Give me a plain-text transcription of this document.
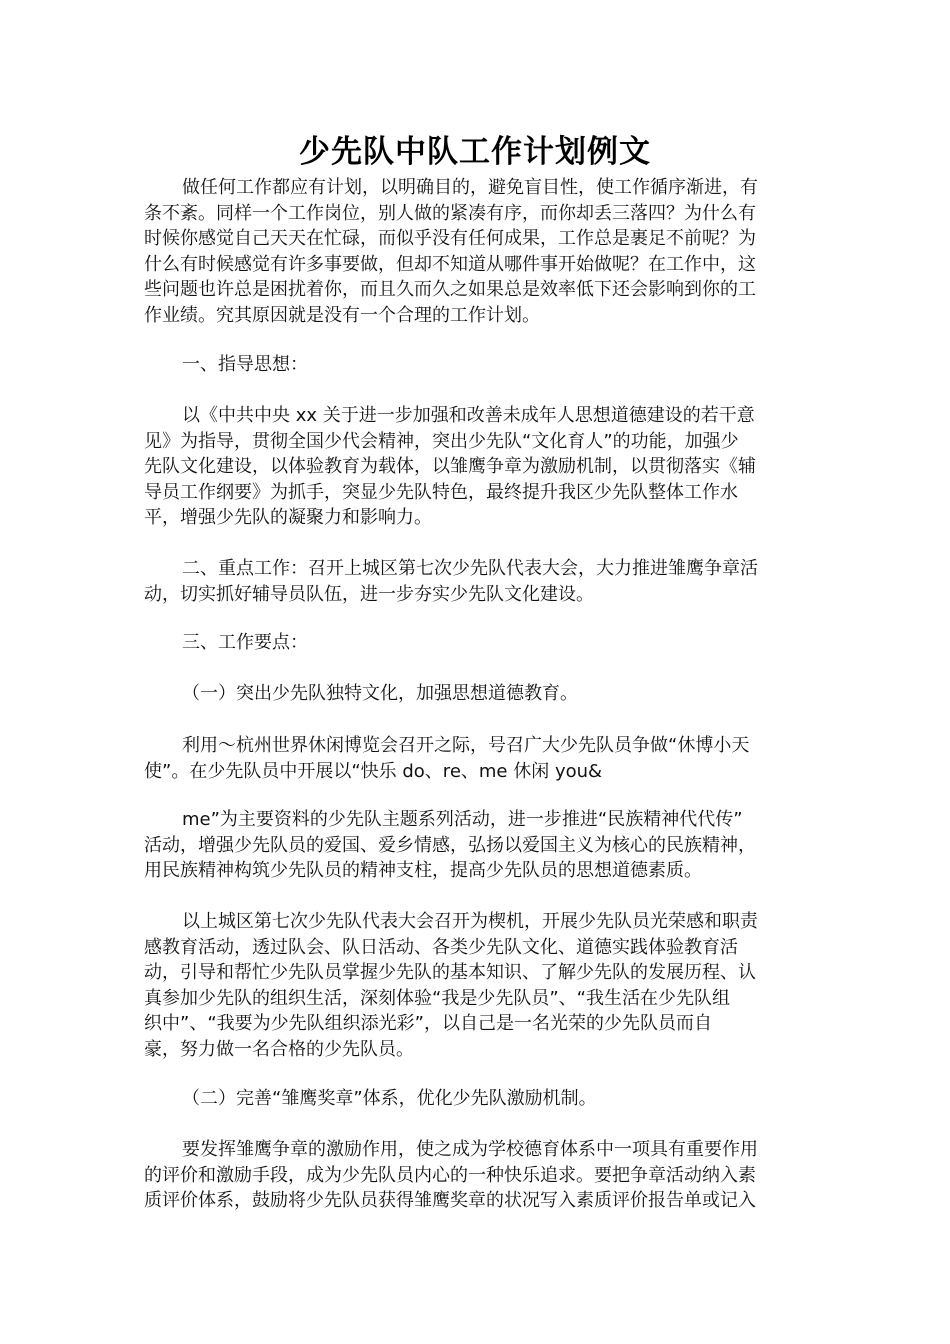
少先队中队工作计划例文
做任何工作都应有计划，以明确目的，避免盲目性，使工作循序渐进，有
条不紊。同样一个工作岗位，别人做的紧凑有序，而你却丢三落四？为什么有
时候你感觉自己天天在忙碌，而似乎没有任何成果，工作总是裹足不前呢？为
什么有时候感觉有许多事要做，但却不知道从哪件事开始做呢？在工作中，这
些问题也许总是困扰着你，而且久而久之如果总是效率低下还会影响到你的工
作业绩。究其原因就是没有一个合理的工作计划。
一、指导思想：
以《中共中央 xx 关于进一步加强和改善未成年人思想道德建设的若干意
见》为指导，贯彻全国少代会精神，突出少先队“文化育人”的功能，加强少
先队文化建设，以体验教育为载体，以雏鹰争章为激励机制，以贯彻落实《辅
导员工作纲要》为抓手，突显少先队特色，最终提升我区少先队整体工作水
平，增强少先队的凝聚力和影响力。
二、重点工作：召开上城区第七次少先队代表大会，大力推进雏鹰争章活
动，切实抓好辅导员队伍，进一步夯实少先队文化建设。
三、工作要点：
（一）突出少先队独特文化，加强思想道德教育。
利用～杭州世界休闲博览会召开之际，号召广大少先队员争做“休博小天
使”。在少先队员中开展以“快乐 do、re、me 休闲 you&
me”为主要资料的少先队主题系列活动，进一步推进“民族精神代代传”
活动，增强少先队员的爱国、爱乡情感，弘扬以爱国主义为核心的民族精神，
用民族精神构筑少先队员的精神支柱，提高少先队员的思想道德素质。
以上城区第七次少先队代表大会召开为楔机，开展少先队员光荣感和职责
感教育活动，透过队会、队日活动、各类少先队文化、道德实践体验教育活
动，引导和帮忙少先队员掌握少先队的基本知识、了解少先队的发展历程、认
真参加少先队的组织生活，深刻体验“我是少先队员”、“我生活在少先队组
织中”、“我要为少先队组织添光彩”，以自己是一名光荣的少先队员而自
豪，努力做一名合格的少先队员。
（二）完善“雏鹰奖章”体系，优化少先队激励机制。
要发挥雏鹰争章的激励作用，使之成为学校德育体系中一项具有重要作用
的评价和激励手段，成为少先队员内心的一种快乐追求。要把争章活动纳入素
质评价体系，鼓励将少先队员获得雏鹰奖章的状况写入素质评价报告单或记入
